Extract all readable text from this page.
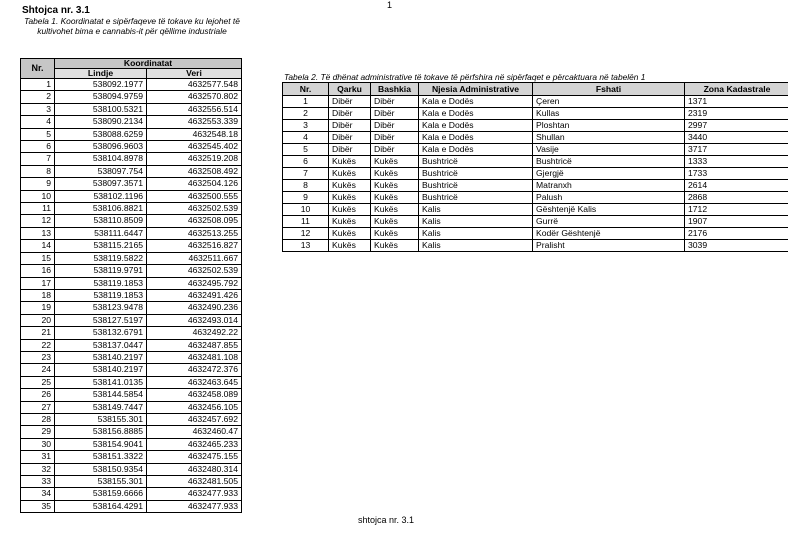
1
Shtojca nr. 3.1
Tabela 1. Koordinatat e sipërfaqeve të tokave ku lejohet të kultivohet bima e cannabis-it për qëllime industriale
Nr.	Koordinatat	
	Lindje	Veri
1	538092.1977	4632577.548
2	538094.9759	4632570.802
3	538100.5321	4632556.514
4	538090.2134	4632553.339
5	538088.6259	4632548.18
6	538096.9603	4632545.402
7	538104.8978	4632519.208
8	538097.754	4632508.492
9	538097.3571	4632504.126
10	538102.1196	4632500.555
11	538106.8821	4632502.539
12	538110.8509	4632508.095
13	538111.6447	4632513.255
14	538115.2165	4632516.827
15	538119.5822	4632511.667
16	538119.9791	4632502.539
17	538119.1853	4632495.792
18	538119.1853	4632491.426
19	538123.9478	4632490.236
20	538127.5197	4632493.014
21	538132.6791	4632492.22
22	538137.0447	4632487.855
23	538140.2197	4632481.108
24	538140.2197	4632472.376
25	538141.0135	4632463.645
26	538144.5854	4632458.089
27	538149.7447	4632456.105
28	538155.301	4632457.692
29	538156.8885	4632460.47
30	538154.9041	4632465.233
31	538151.3322	4632475.155
32	538150.9354	4632480.314
33	538155.301	4632481.505
34	538159.6666	4632477.933
35	538164.4291	4632477.933
Tabela 2. Të dhënat administrative të tokave të përfshira në sipërfaqet e përcaktuara në tabelën 1
Nr.	Qarku	Bashkia	Njesia Administrative	Fshati	Zona Kadastrale
1	Dibër	Dibër	Kala e Dodës	Çeren	1371
2	Dibër	Dibër	Kala e Dodës	Kullas	2319
3	Dibër	Dibër	Kala e Dodës	Ploshtan	2997
4	Dibër	Dibër	Kala e Dodës	Shullan	3440
5	Dibër	Dibër	Kala e Dodës	Vasije	3717
6	Kukës	Kukës	Bushtricë	Bushtricë	1333
7	Kukës	Kukës	Bushtricë	Gjergjë	1733
8	Kukës	Kukës	Bushtricë	Matranxh	2614
9	Kukës	Kukës	Bushtricë	Palush	2868
10	Kukës	Kukës	Kalis	Gështenjë Kalis	1712
11	Kukës	Kukës	Kalis	Gurrë	1907
12	Kukës	Kukës	Kalis	Kodër Gështenjë	2176
13	Kukës	Kukës	Kalis	Pralisht	3039
shtojca nr. 3.1
